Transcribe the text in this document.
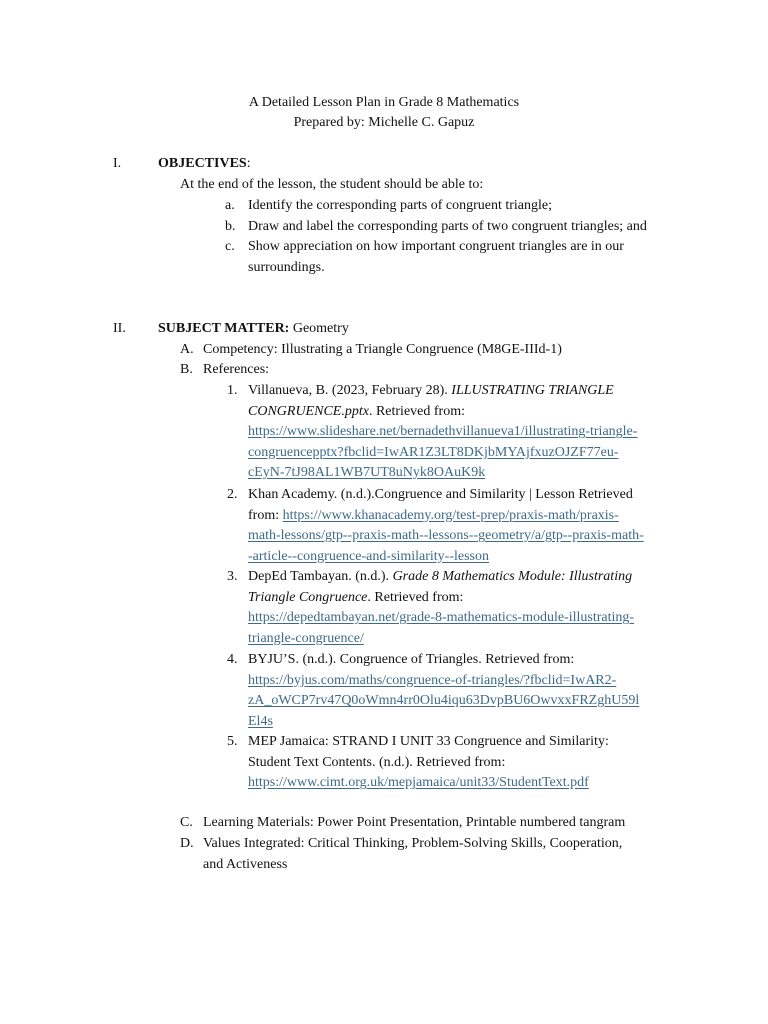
A Detailed Lesson Plan in Grade 8 Mathematics
Prepared by: Michelle C. Gapuz
I.	OBJECTIVES:
At the end of the lesson, the student should be able to:
a. Identify the corresponding parts of congruent triangle;
b. Draw and label the corresponding parts of two congruent triangles; and
c. Show appreciation on how important congruent triangles are in our
surroundings.
II. SUBJECT MATTER: Geometry
A. Competency: Illustrating a Triangle Congruence (M8GE-IIId-1)
B. References:
1. Villanueva, B. (2023, February 28). ILLUSTRATING TRIANGLE
CONGRUENCE.pptx. Retrieved from:
https://www.slideshare.net/bernadethvillanueva1/illustrating-triangle-
congruencepptx?fbclid=IwAR1Z3LT8DKjbMYAjfxuzOJZF77eu-
cEyN-7tJ98AL1WB7UT8uNyk8OAuK9k
2. Khan Academy. (n.d.).Congruence and Similarity | Lesson Retrieved
from: https://www.khanacademy.org/test-prep/praxis-math/praxis-
math-lessons/gtp--praxis-math--lessons--geometry/a/gtp--praxis-math-
-article--congruence-and-similarity--lesson
3. DepEd Tambayan. (n.d.). Grade 8 Mathematics Module: Illustrating
Triangle Congruence. Retrieved from:
https://depedtambayan.net/grade-8-mathematics-module-illustrating-
triangle-congruence/
4. BYJU’S. (n.d.). Congruence of Triangles. Retrieved from:
https://byjus.com/maths/congruence-of-triangles/?fbclid=IwAR2-
zA_oWCP7rv47Q0oWmn4rr0Olu4iqu63DvpBU6OwvxxFRZghU59l
El4s
5. MEP Jamaica: STRAND I UNIT 33 Congruence and Similarity:
Student Text Contents. (n.d.). Retrieved from:
https://www.cimt.org.uk/mepjamaica/unit33/StudentText.pdf
C. Learning Materials: Power Point Presentation, Printable numbered tangram
D. Values Integrated: Critical Thinking, Problem-Solving Skills, Cooperation,
and Activeness
